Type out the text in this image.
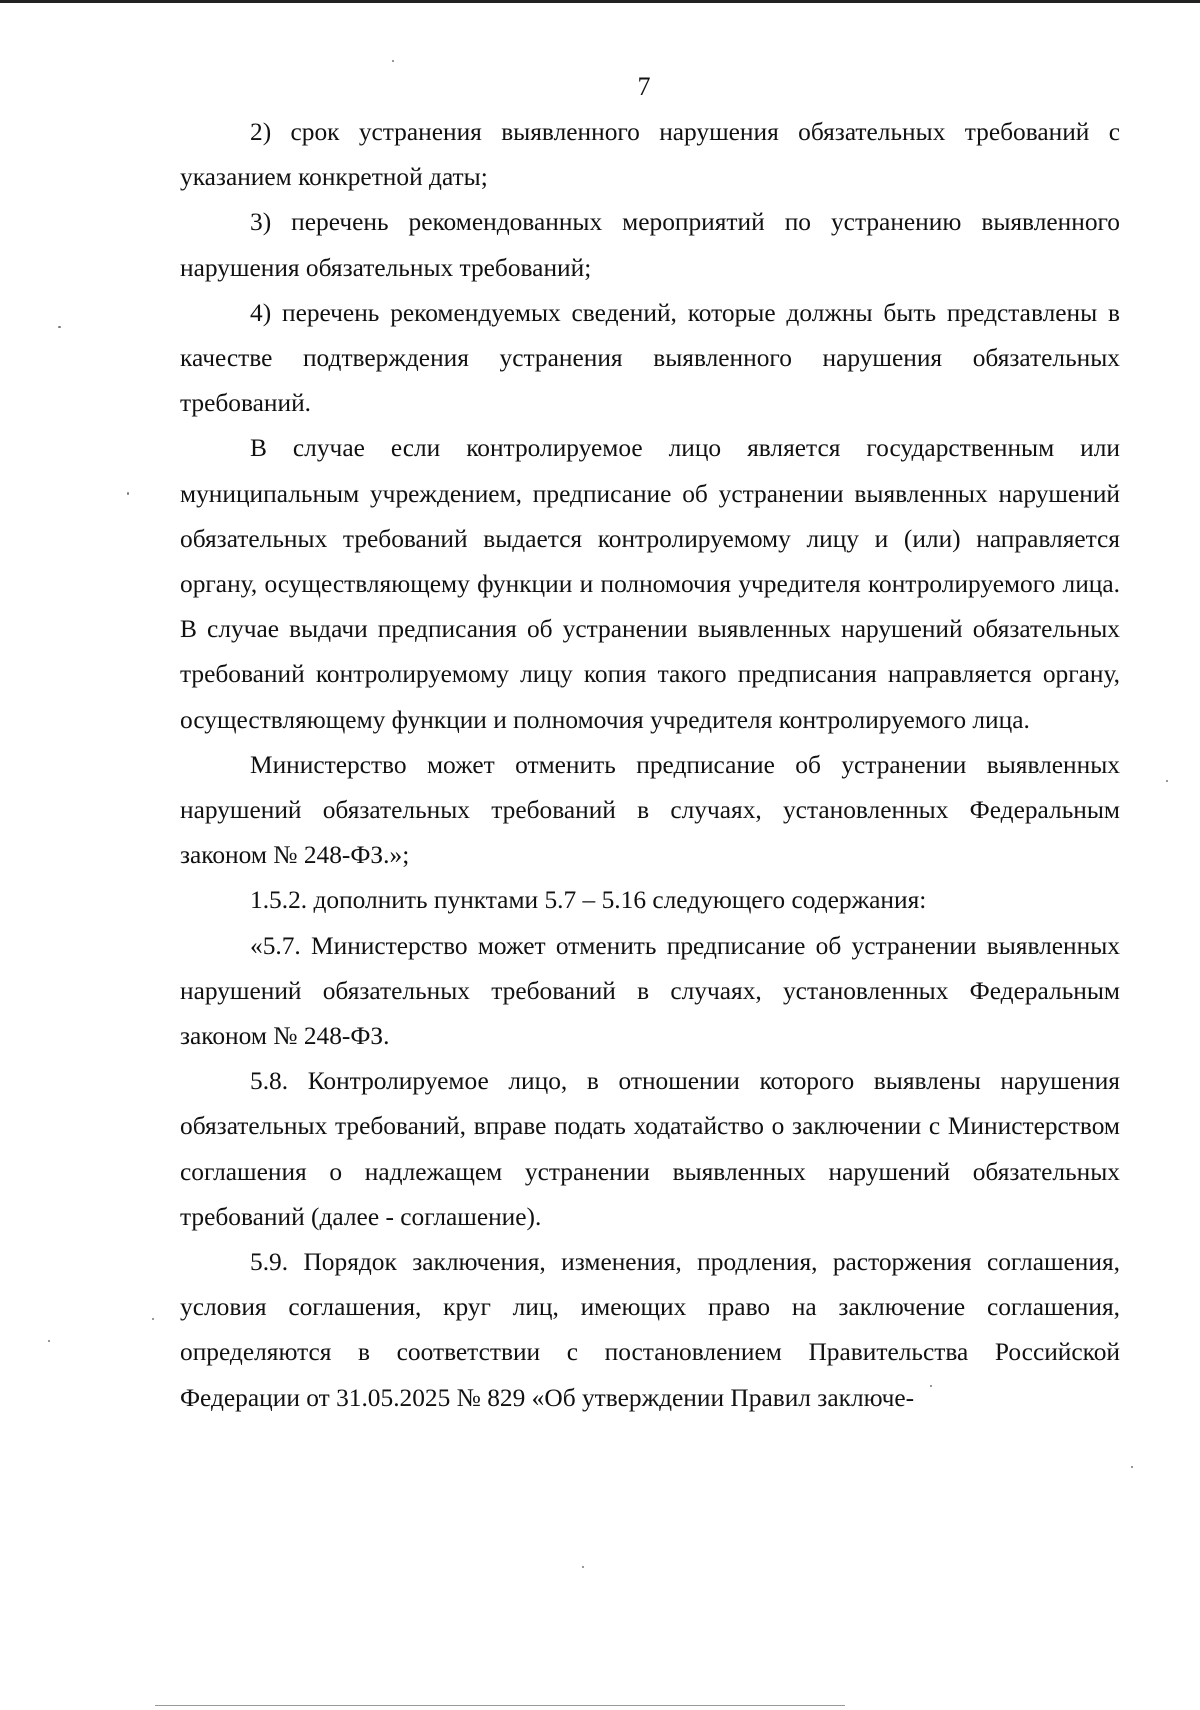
7

2) срок устранения выявленного нарушения обязательных требований с указанием конкретной даты;

3) перечень рекомендованных мероприятий по устранению выявленного нарушения обязательных требований;

4) перечень рекомендуемых сведений, которые должны быть представлены в качестве подтверждения устранения выявленного нарушения обязательных требований.

В случае если контролируемое лицо является государственным или муниципальным учреждением, предписание об устранении выявленных нарушений обязательных требований выдается контролируемому лицу и (или) направляется органу, осуществляющему функции и полномочия учредителя контролируемого лица. В случае выдачи предписания об устранении выявленных нарушений обязательных требований контролируемому лицу копия такого предписания направляется органу, осуществляющему функции и полномочия учредителя контролируемого лица.

Министерство может отменить предписание об устранении выявленных нарушений обязательных требований в случаях, установленных Федеральным законом № 248-ФЗ.»;

1.5.2. дополнить пунктами 5.7 – 5.16 следующего содержания:

«5.7. Министерство может отменить предписание об устранении выявленных нарушений обязательных требований в случаях, установленных Федеральным законом № 248-ФЗ.

5.8. Контролируемое лицо, в отношении которого выявлены нарушения обязательных требований, вправе подать ходатайство о заключении с Министерством соглашения о надлежащем устранении выявленных нарушений обязательных требований (далее - соглашение).

5.9. Порядок заключения, изменения, продления, расторжения соглашения, условия соглашения, круг лиц, имеющих право на заключение соглашения, определяются в соответствии с постановлением Правительства Российской Федерации от 31.05.2025 № 829 «Об утверждении Правил заключе-
